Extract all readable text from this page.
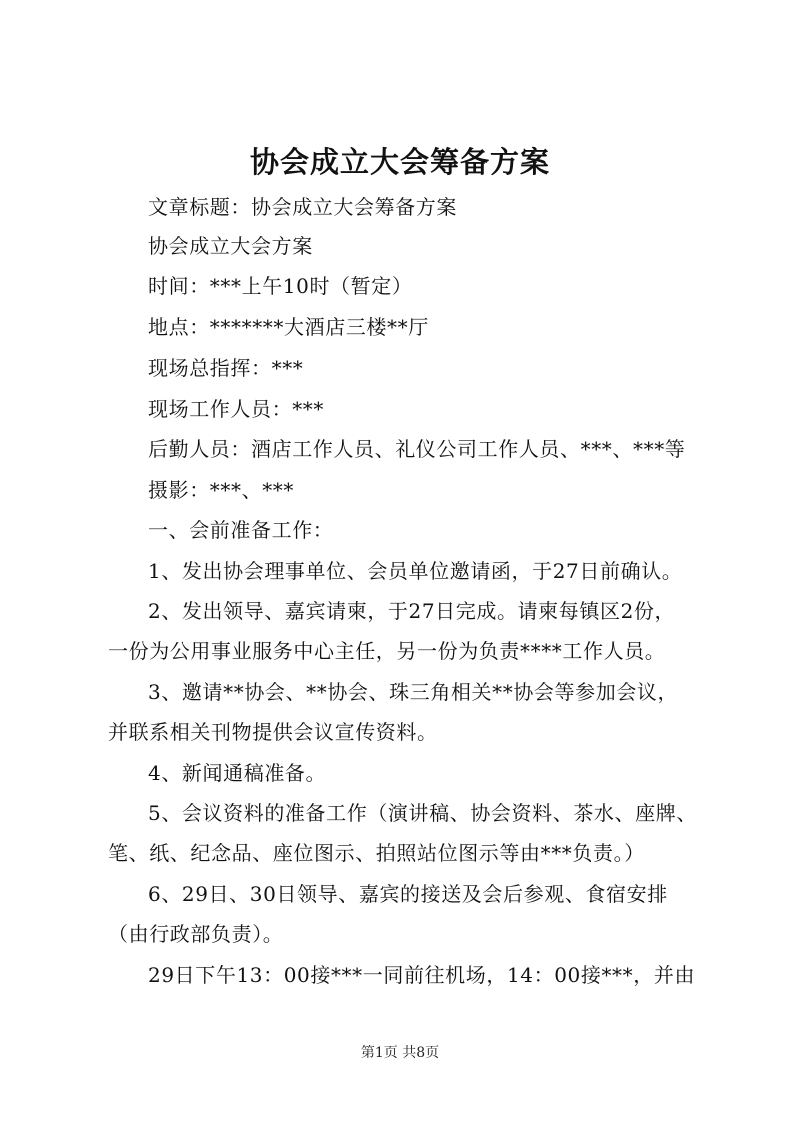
协会成立大会筹备方案
文章标题：协会成立大会筹备方案
协会成立大会方案
时间：***上午10时（暂定）
地点：*******大酒店三楼**厅
现场总指挥：***
现场工作人员：***
后勤人员：酒店工作人员、礼仪公司工作人员、***、***等
摄影：***、***
一、会前准备工作：
1、发出协会理事单位、会员单位邀请函，于27日前确认。
2、发出领导、嘉宾请柬，于27日完成。请柬每镇区2份，
一份为公用事业服务中心主任，另一份为负责****工作人员。
3、邀请**协会、**协会、珠三角相关**协会等参加会议，
并联系相关刊物提供会议宣传资料。
4、新闻通稿准备。
5、会议资料的准备工作（演讲稿、协会资料、茶水、座牌、
笔、纸、纪念品、座位图示、拍照站位图示等由***负责。）
6、29日、30日领导、嘉宾的接送及会后参观、食宿安排
（由行政部负责）。
29日下午13：00接***一同前往机场，14：00接***，并由
第1页 共8页
